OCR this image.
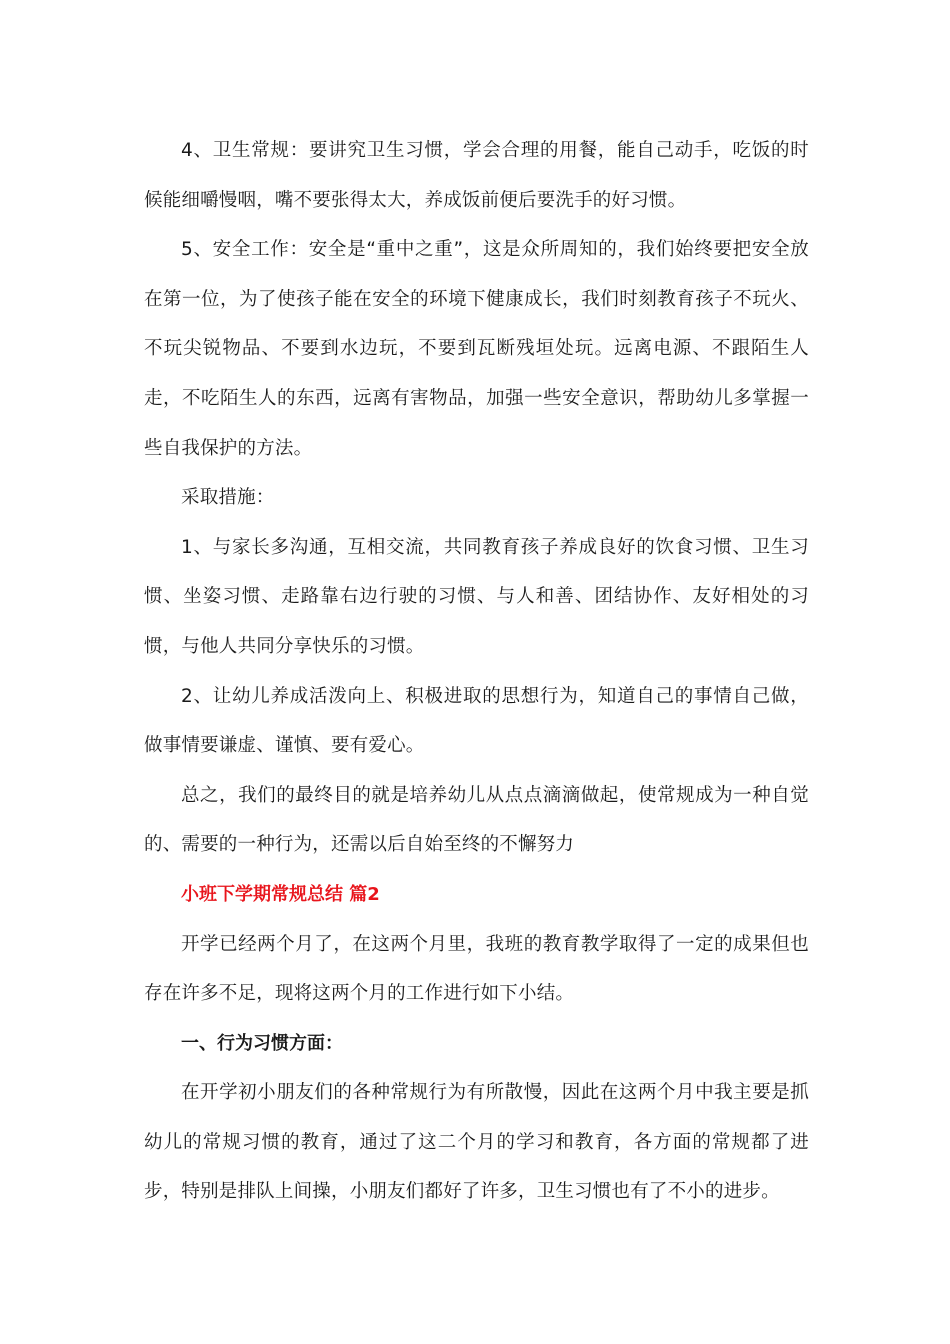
4、卫生常规：要讲究卫生习惯，学会合理的用餐，能自己动手，吃饭的时候能细嚼慢咽，嘴不要张得太大，养成饭前便后要洗手的好习惯。

5、安全工作：安全是“重中之重”，这是众所周知的，我们始终要把安全放在第一位，为了使孩子能在安全的环境下健康成长，我们时刻教育孩子不玩火、不玩尖锐物品、不要到水边玩，不要到瓦断残垣处玩。远离电源、不跟陌生人走，不吃陌生人的东西，远离有害物品，加强一些安全意识，帮助幼儿多掌握一些自我保护的方法。

采取措施：

1、与家长多沟通，互相交流，共同教育孩子养成良好的饮食习惯、卫生习惯、坐姿习惯、走路靠右边行驶的习惯、与人和善、团结协作、友好相处的习惯，与他人共同分享快乐的习惯。

2、让幼儿养成活泼向上、积极进取的思想行为，知道自己的事情自己做，做事情要谦虚、谨慎、要有爱心。

总之，我们的最终目的就是培养幼儿从点点滴滴做起，使常规成为一种自觉的、需要的一种行为，还需以后自始至终的不懈努力

小班下学期常规总结 篇2

开学已经两个月了，在这两个月里，我班的教育教学取得了一定的成果但也存在许多不足，现将这两个月的工作进行如下小结。

一、行为习惯方面：

在开学初小朋友们的各种常规行为有所散慢，因此在这两个月中我主要是抓幼儿的常规习惯的教育，通过了这二个月的学习和教育，各方面的常规都了进步，特别是排队上间操，小朋友们都好了许多，卫生习惯也有了不小的进步。
